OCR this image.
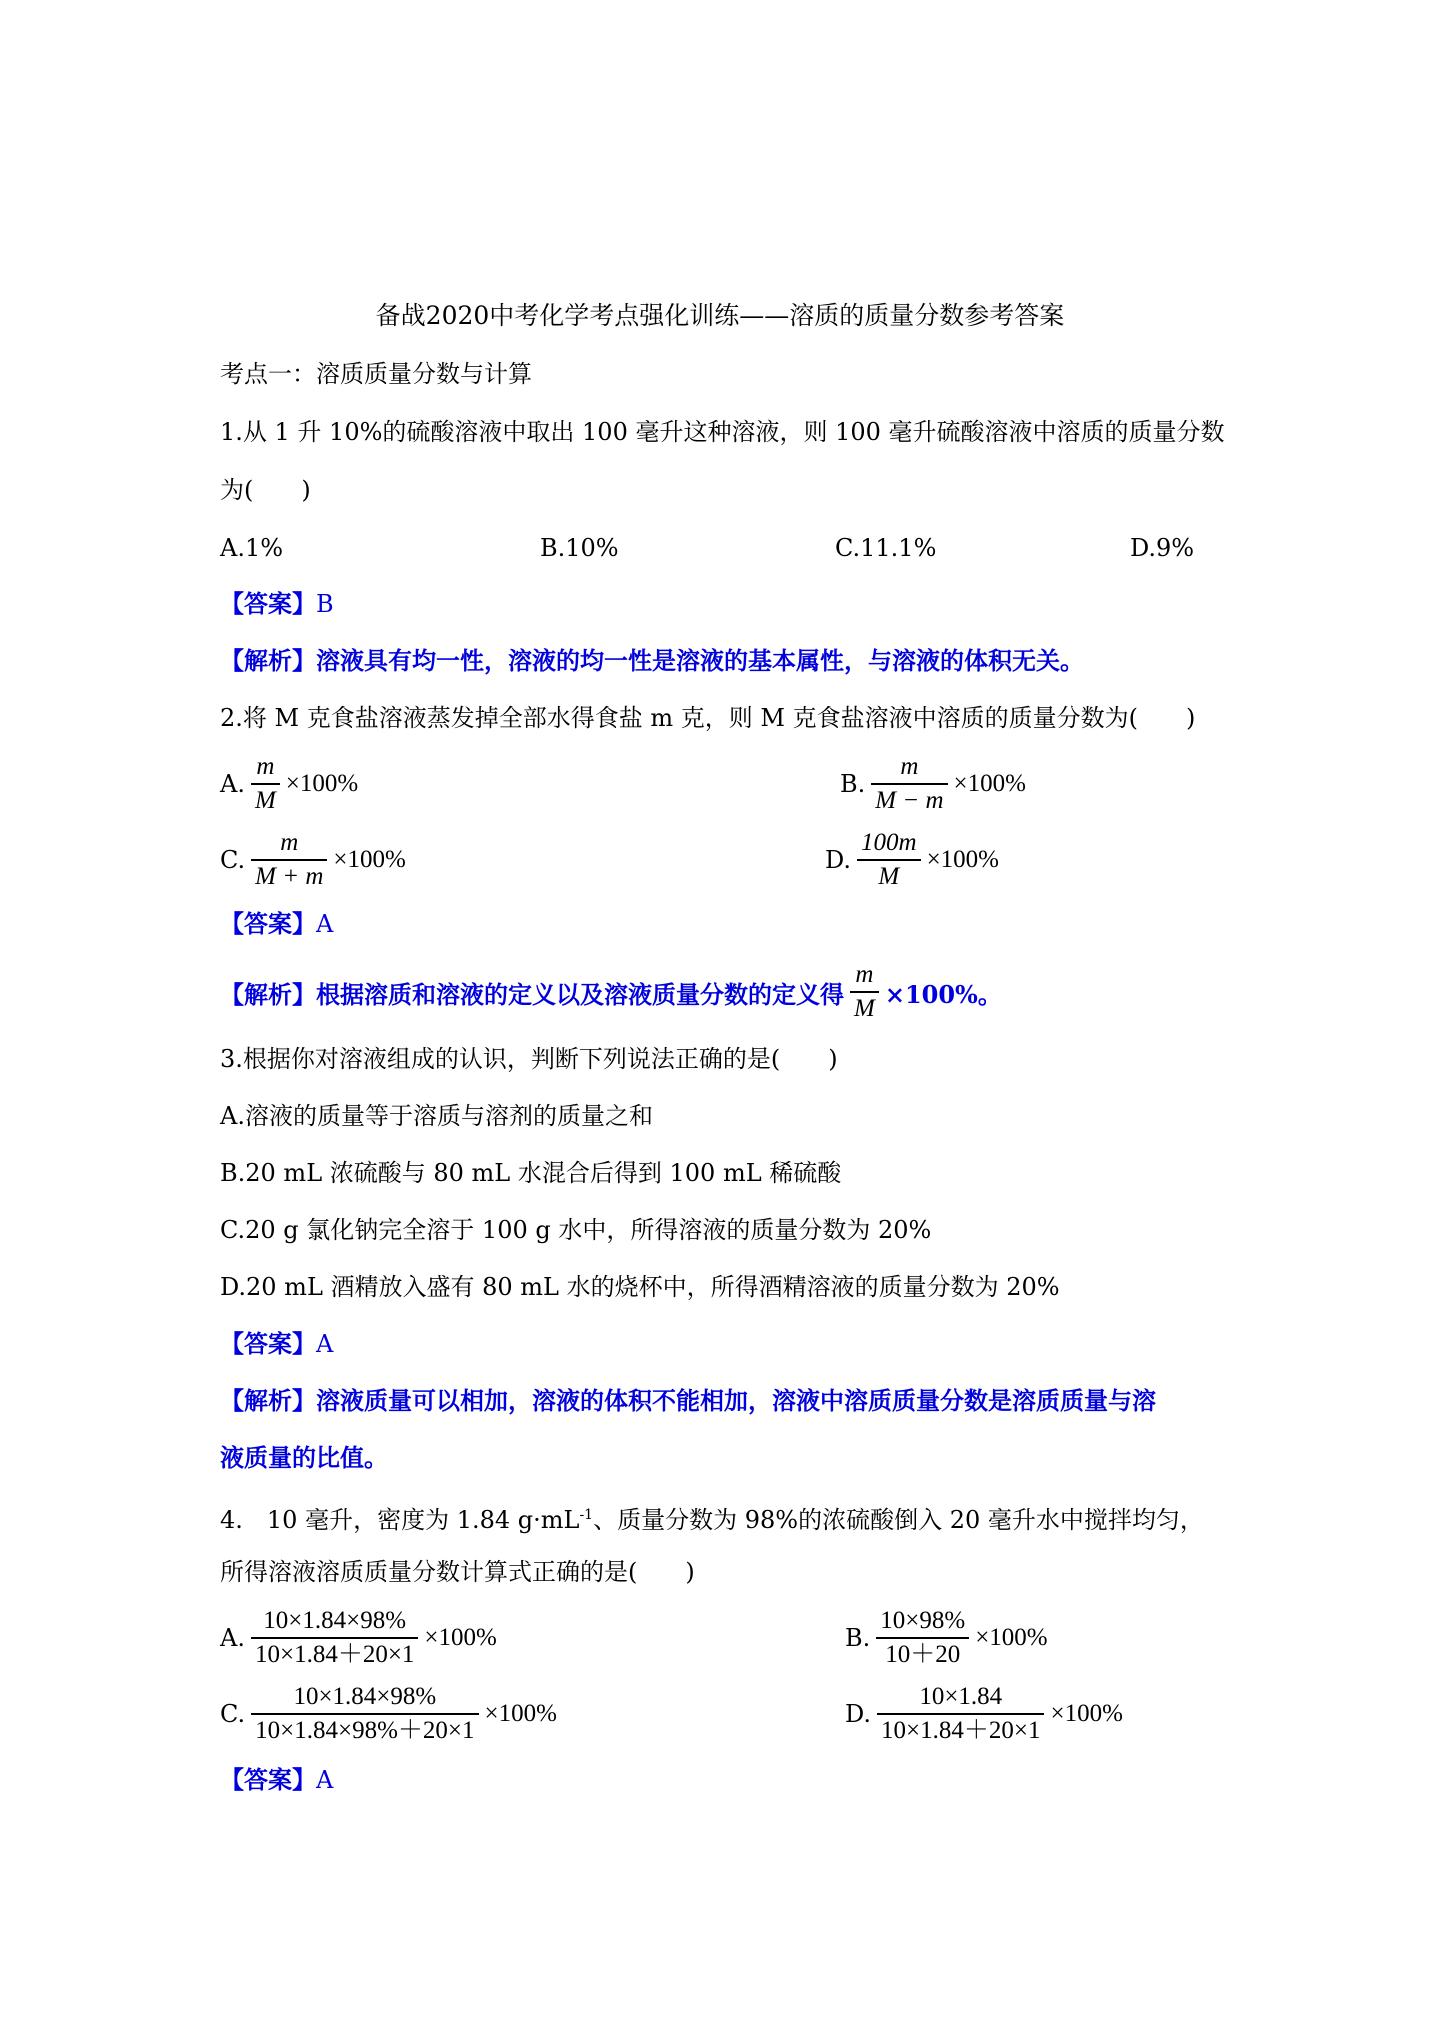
备战2020中考化学考点强化训练——溶质的质量分数参考答案
考点一：溶质质量分数与计算
1.从 1 升 10%的硫酸溶液中取出 100 毫升这种溶液，则 100 毫升硫酸溶液中溶质的质量分数
为(　　)
A.1%	B.10%	C.11.1%	D.9%
【答案】B
【解析】溶液具有均一性，溶液的均一性是溶液的基本属性，与溶液的体积无关。
2.将 M 克食盐溶液蒸发掉全部水得食盐 m 克，则 M 克食盐溶液中溶质的质量分数为(　　)
A. $\frac{m}{M} \times 100\%$	B. $\frac{m}{M - m} \times 100\%$
C. $\frac{m}{M + m} \times 100\%$	D. $\frac{100m}{M} \times 100\%$
【答案】A
【解析】 根据溶质和溶液的定义以及溶液质量分数的定义得 $\frac{m}{M} \times 100\%$。
3.根据你对溶液组成的认识，判断下列说法正确的是(　　)
A.溶液的质量等于溶质与溶剂的质量之和
B.20 mL 浓硫酸与 80 mL 水混合后得到 100 mL 稀硫酸
C.20 g 氯化钠完全溶于 100 g 水中，所得溶液的质量分数为 20%
D.20 mL 酒精放入盛有 80 mL 水的烧杯中，所得酒精溶液的质量分数为 20%
【答案】A
【解析】溶液质量可以相加，溶液的体积不能相加，溶液中溶质质量分数是溶质质量与溶
液质量的比值。
4.　10 毫升，密度为 1.84 $g\cdot mL^{-1}$、质量分数为 98%的浓硫酸倒入 20 毫升水中搅拌均匀，
所得溶液溶质质量分数计算式正确的是(　　)
A. $\frac{10\times 1.84\times 98\%}{10\times 1.84+20\times 1} \times 100\%$	B. $\frac{10\times 98\%}{10+20} \times 100\%$
C. $\frac{10\times 1.84\times 98\%}{10\times 1.84\times 98\%+20\times 1} \times 100\%$	D. $\frac{10\times 1.84}{10\times 1.84+20\times 1} \times 100\%$
【答案】A
